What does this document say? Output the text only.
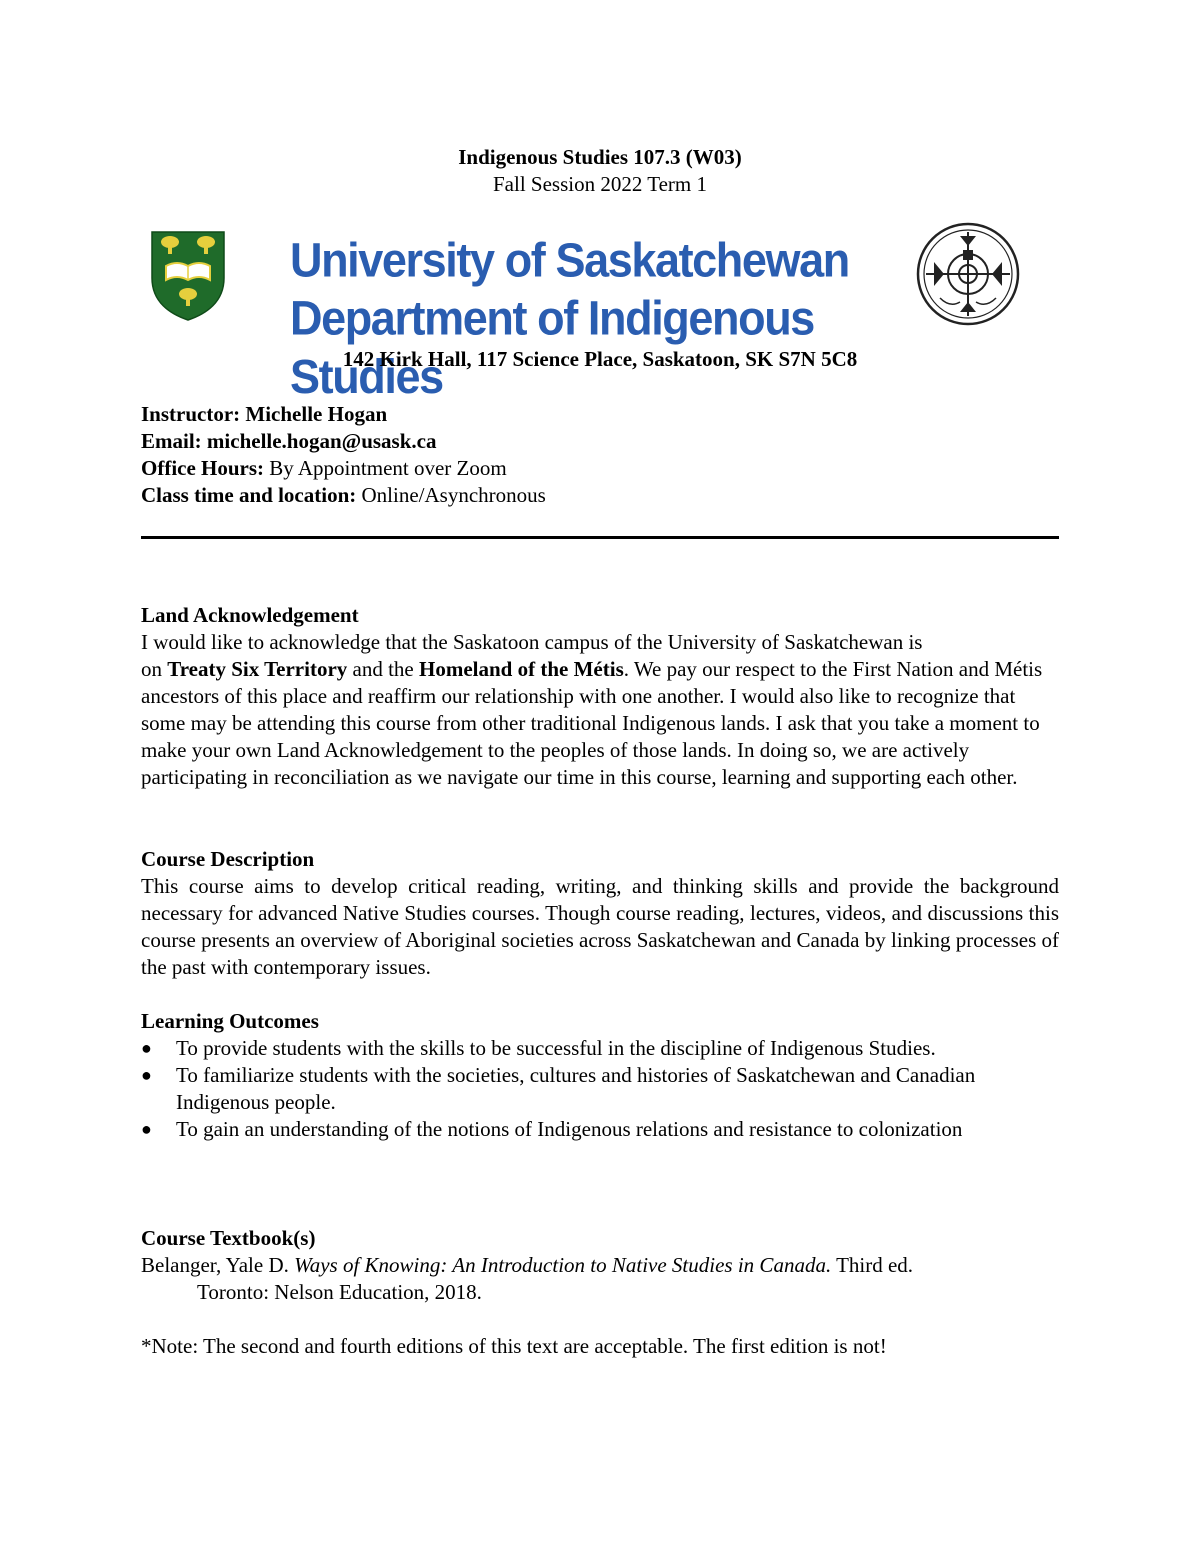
Indigenous Studies 107.3 (W03)
Fall Session 2022 Term 1
University of Saskatchewan
Department of Indigenous Studies
142 Kirk Hall, 117 Science Place, Saskatoon, SK S7N 5C8
Instructor: Michelle Hogan
Email: michelle.hogan@usask.ca
Office Hours: By Appointment over Zoom
Class time and location: Online/Asynchronous
Land Acknowledgement
I would like to acknowledge that the Saskatoon campus of the University of Saskatchewan is
on Treaty Six Territory and the Homeland of the Métis. We pay our respect to the First Nation and Métis ancestors of this place and reaffirm our relationship with one another. I would also like to recognize that some may be attending this course from other traditional Indigenous lands. I ask that you take a moment to make your own Land Acknowledgement to the peoples of those lands. In doing so, we are actively participating in reconciliation as we navigate our time in this course, learning and supporting each other.
Course Description
This course aims to develop critical reading, writing, and thinking skills and provide the background necessary for advanced Native Studies courses. Though course reading, lectures, videos, and discussions this course presents an overview of Aboriginal societies across Saskatchewan and Canada by linking processes of the past with contemporary issues.
Learning Outcomes
●	To provide students with the skills to be successful in the discipline of Indigenous Studies.
●	To familiarize students with the societies, cultures and histories of Saskatchewan and Canadian Indigenous people.
●	To gain an understanding of the notions of Indigenous relations and resistance to colonization
Course Textbook(s)
Belanger, Yale D. Ways of Knowing: An Introduction to Native Studies in Canada. Third ed.
Toronto: Nelson Education, 2018.
*Note: The second and fourth editions of this text are acceptable. The first edition is not!
